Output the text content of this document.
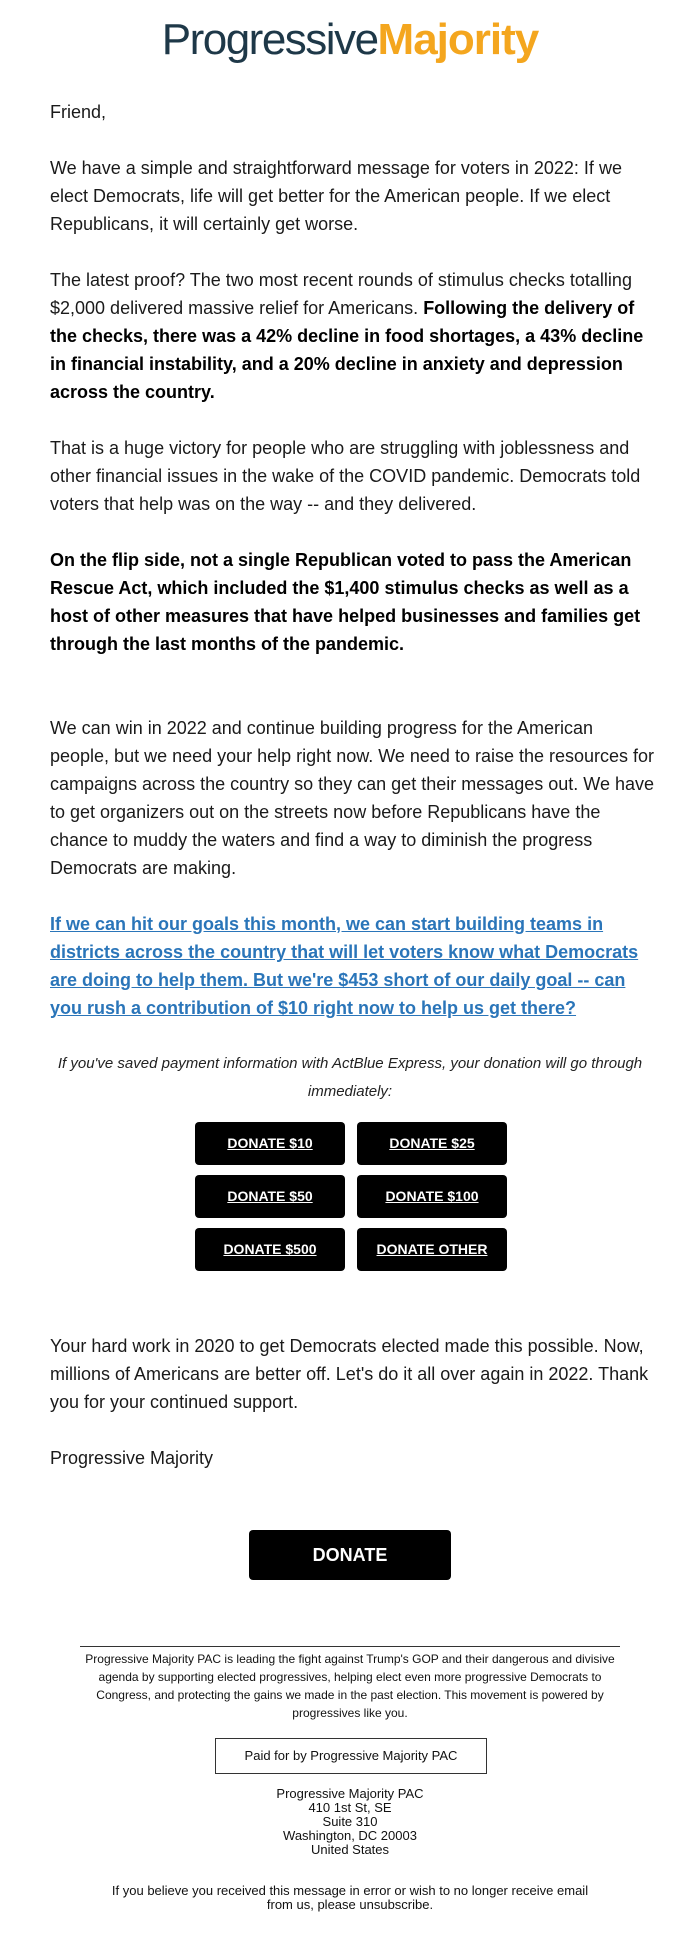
ProgressiveMajority

Friend,

We have a simple and straightforward message for voters in 2022: If we elect Democrats, life will get better for the American people. If we elect Republicans, it will certainly get worse.

The latest proof? The two most recent rounds of stimulus checks totalling $2,000 delivered massive relief for Americans. Following the delivery of the checks, there was a 42% decline in food shortages, a 43% decline in financial instability, and a 20% decline in anxiety and depression across the country.

That is a huge victory for people who are struggling with joblessness and other financial issues in the wake of the COVID pandemic. Democrats told voters that help was on the way -- and they delivered.

On the flip side, not a single Republican voted to pass the American Rescue Act, which included the $1,400 stimulus checks as well as a host of other measures that have helped businesses and families get through the last months of the pandemic.

We can win in 2022 and continue building progress for the American people, but we need your help right now. We need to raise the resources for campaigns across the country so they can get their messages out. We have to get organizers out on the streets now before Republicans have the chance to muddy the waters and find a way to diminish the progress Democrats are making.

If we can hit our goals this month, we can start building teams in districts across the country that will let voters know what Democrats are doing to help them. But we're $453 short of our daily goal -- can you rush a contribution of $10 right now to help us get there?

If you've saved payment information with ActBlue Express, your donation will go through immediately:
DONATE $10	DONATE $25
DONATE $50	DONATE $100
DONATE $500	DONATE OTHER

Your hard work in 2020 to get Democrats elected made this possible. Now, millions of Americans are better off. Let's do it all over again in 2022. Thank you for your continued support.

Progressive Majority

DONATE
Progressive Majority PAC is leading the fight against Trump's GOP and their dangerous and divisive agenda by supporting elected progressives, helping elect even more progressive Democrats to Congress, and protecting the gains we made in the past election. This movement is powered by progressives like you.
Paid for by Progressive Majority PAC
Progressive Majority PAC
410 1st St, SE
Suite 310
Washington, DC 20003
United States
If you believe you received this message in error or wish to no longer receive email
from us, please unsubscribe.
